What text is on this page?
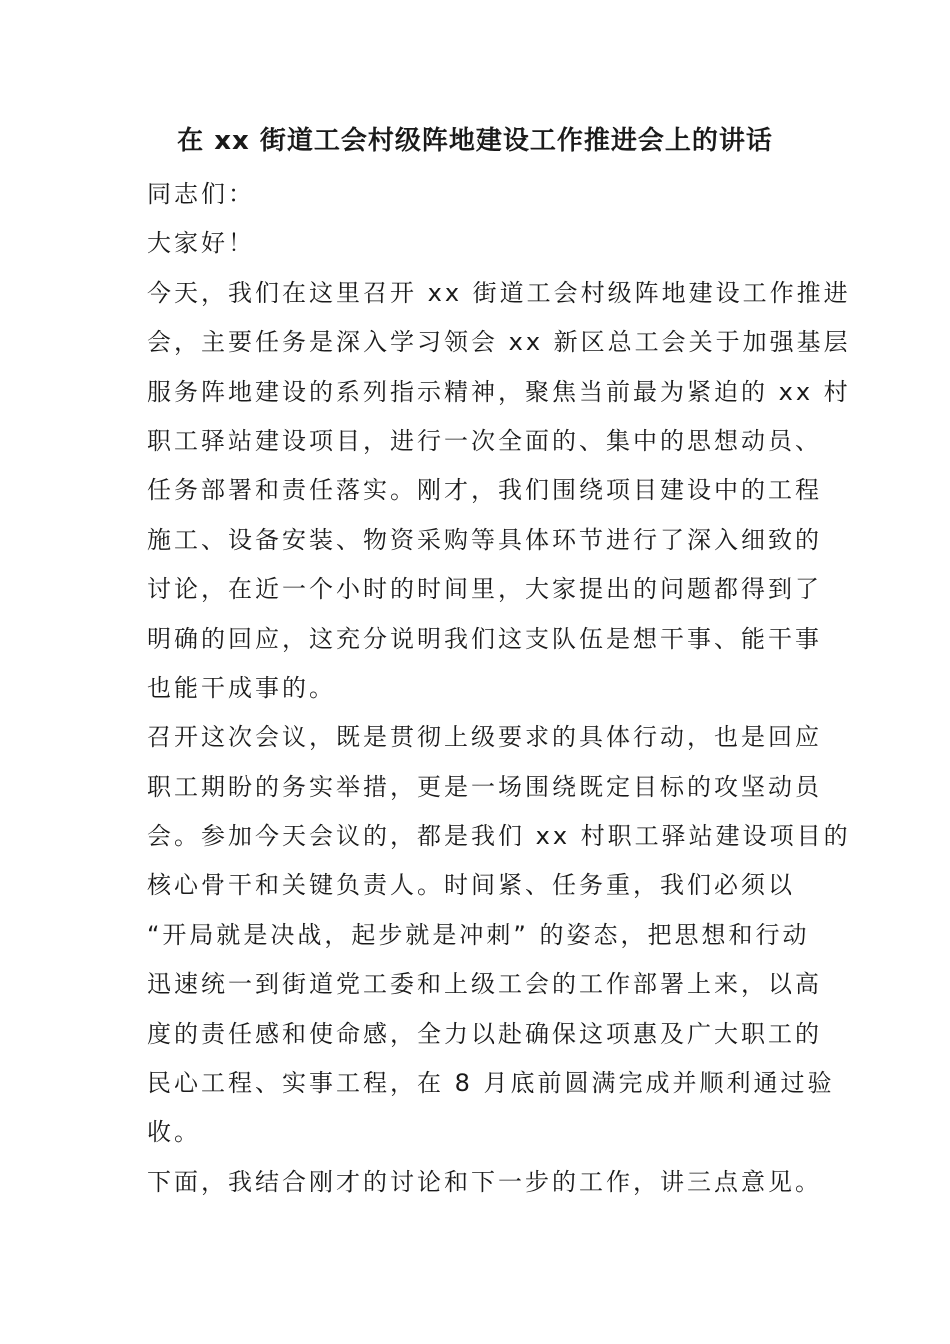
在 xx 街道工会村级阵地建设工作推进会上的讲话
同志们：
大家好！
今天，我们在这里召开 xx 街道工会村级阵地建设工作推进
会，主要任务是深入学习领会 xx 新区总工会关于加强基层
服务阵地建设的系列指示精神，聚焦当前最为紧迫的 xx 村
职工驿站建设项目，进行一次全面的、集中的思想动员、
任务部署和责任落实。刚才，我们围绕项目建设中的工程
施工、设备安装、物资采购等具体环节进行了深入细致的
讨论，在近一个小时的时间里，大家提出的问题都得到了
明确的回应，这充分说明我们这支队伍是想干事、能干事
也能干成事的。
召开这次会议，既是贯彻上级要求的具体行动，也是回应
职工期盼的务实举措，更是一场围绕既定目标的攻坚动员
会。参加今天会议的，都是我们 xx 村职工驿站建设项目的
核心骨干和关键负责人。时间紧、任务重，我们必须以
“开局就是决战，起步就是冲刺” 的姿态，把思想和行动
迅速统一到街道党工委和上级工会的工作部署上来，以高
度的责任感和使命感，全力以赴确保这项惠及广大职工的
民心工程、实事工程，在 8 月底前圆满完成并顺利通过验
收。
下面，我结合刚才的讨论和下一步的工作，讲三点意见。
